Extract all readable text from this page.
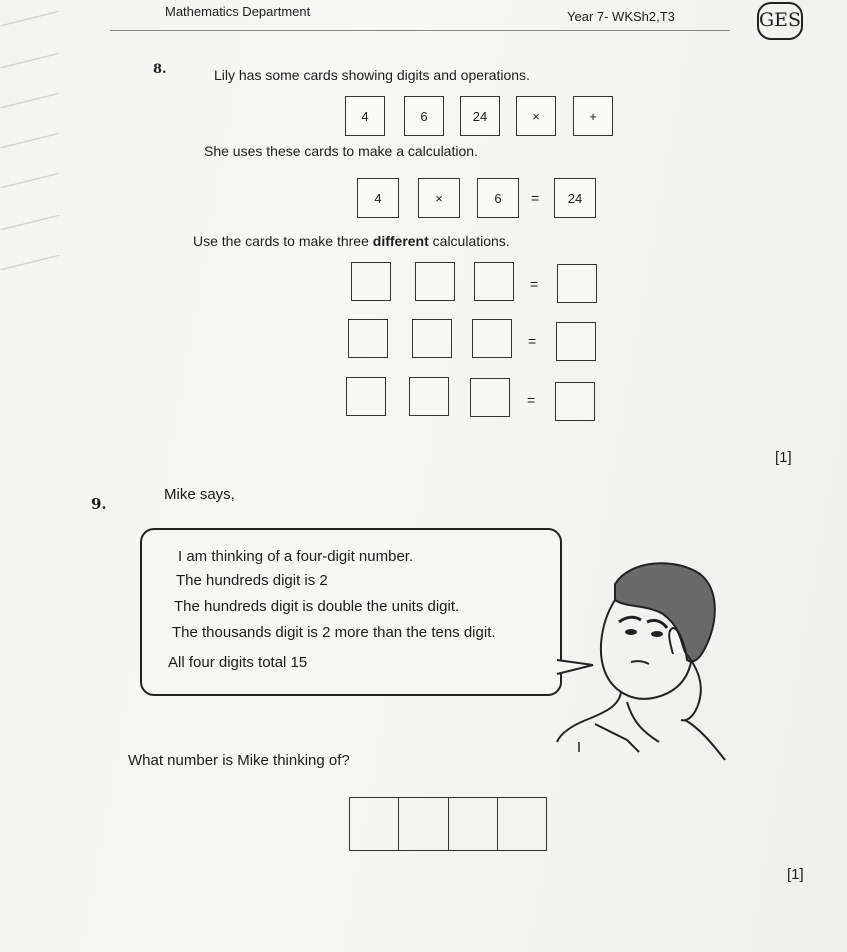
Mathematics Department	Year 7- WKSh2,T3	GES
8.	Lily has some cards showing digits and operations.
4	6	24	×	+
She uses these cards to make a calculation.
4	×	6	=	24
Use the cards to make three different calculations.
=
=
=
[1]
9.
Mike says,
I am thinking of a four-digit number.
The hundreds digit is 2
The hundreds digit is double the units digit.
The thousands digit is 2 more than the tens digit.
All four digits total 15
What number is Mike thinking of?
[1]
